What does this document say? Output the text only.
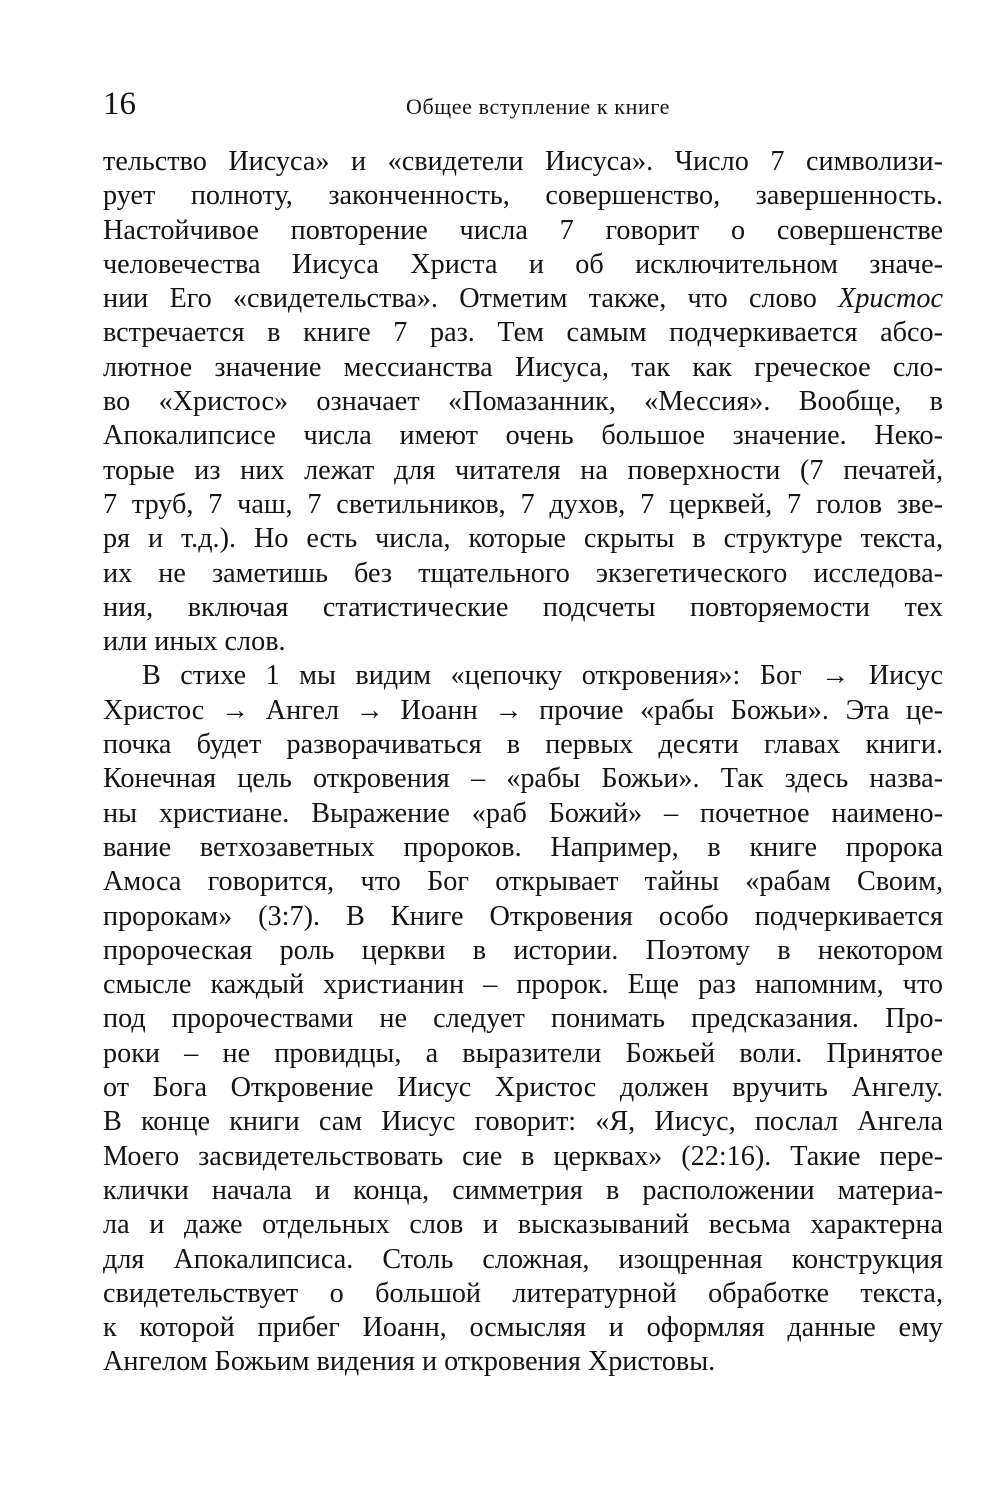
16	Общее вступление к книге
тельство Иисуса» и «свидетели Иисуса». Число 7 символизи-
рует полноту, законченность, совершенство, завершенность.
Настойчивое повторение числа 7 говорит о совершенстве
человечества Иисуса Христа и об исключительном значе-
нии Его «свидетельства». Отметим также, что слово Христос
встречается в книге 7 раз. Тем самым подчеркивается абсо-
лютное значение мессианства Иисуса, так как греческое сло-
во «Христос» означает «Помазанник, «Мессия». Вообще, в
Апокалипсисе числа имеют очень большое значение. Неко-
торые из них лежат для читателя на поверхности (7 печатей,
7 труб, 7 чаш, 7 светильников, 7 духов, 7 церквей, 7 голов зве-
ря и т.д.). Но есть числа, которые скрыты в структуре текста,
их не заметишь без тщательного экзегетического исследова-
ния, включая статистические подсчеты повторяемости тех
или иных слов.
В стихе 1 мы видим «цепочку откровения»: Бог → Иисус
Христос → Ангел → Иоанн → прочие «рабы Божьи». Эта це-
почка будет разворачиваться в первых десяти главах книги.
Конечная цель откровения – «рабы Божьи». Так здесь назва-
ны христиане. Выражение «раб Божий» – почетное наимено-
вание ветхозаветных пророков. Например, в книге пророка
Амоса говорится, что Бог открывает тайны «рабам Своим,
пророкам» (3:7). В Книге Откровения особо подчеркивается
пророческая роль церкви в истории. Поэтому в некотором
смысле каждый христианин – пророк. Еще раз напомним, что
под пророчествами не следует понимать предсказания. Про-
роки – не провидцы, а выразители Божьей воли. Принятое
от Бога Откровение Иисус Христос должен вручить Ангелу.
В конце книги сам Иисус говорит: «Я, Иисус, послал Ангела
Моего засвидетельствовать сие в церквах» (22:16). Такие пере-
клички начала и конца, симметрия в расположении материа-
ла и даже отдельных слов и высказываний весьма характерна
для Апокалипсиса. Столь сложная, изощренная конструкция
свидетельствует о большой литературной обработке текста,
к которой прибег Иоанн, осмысляя и оформляя данные ему
Ангелом Божьим видения и откровения Христовы.
